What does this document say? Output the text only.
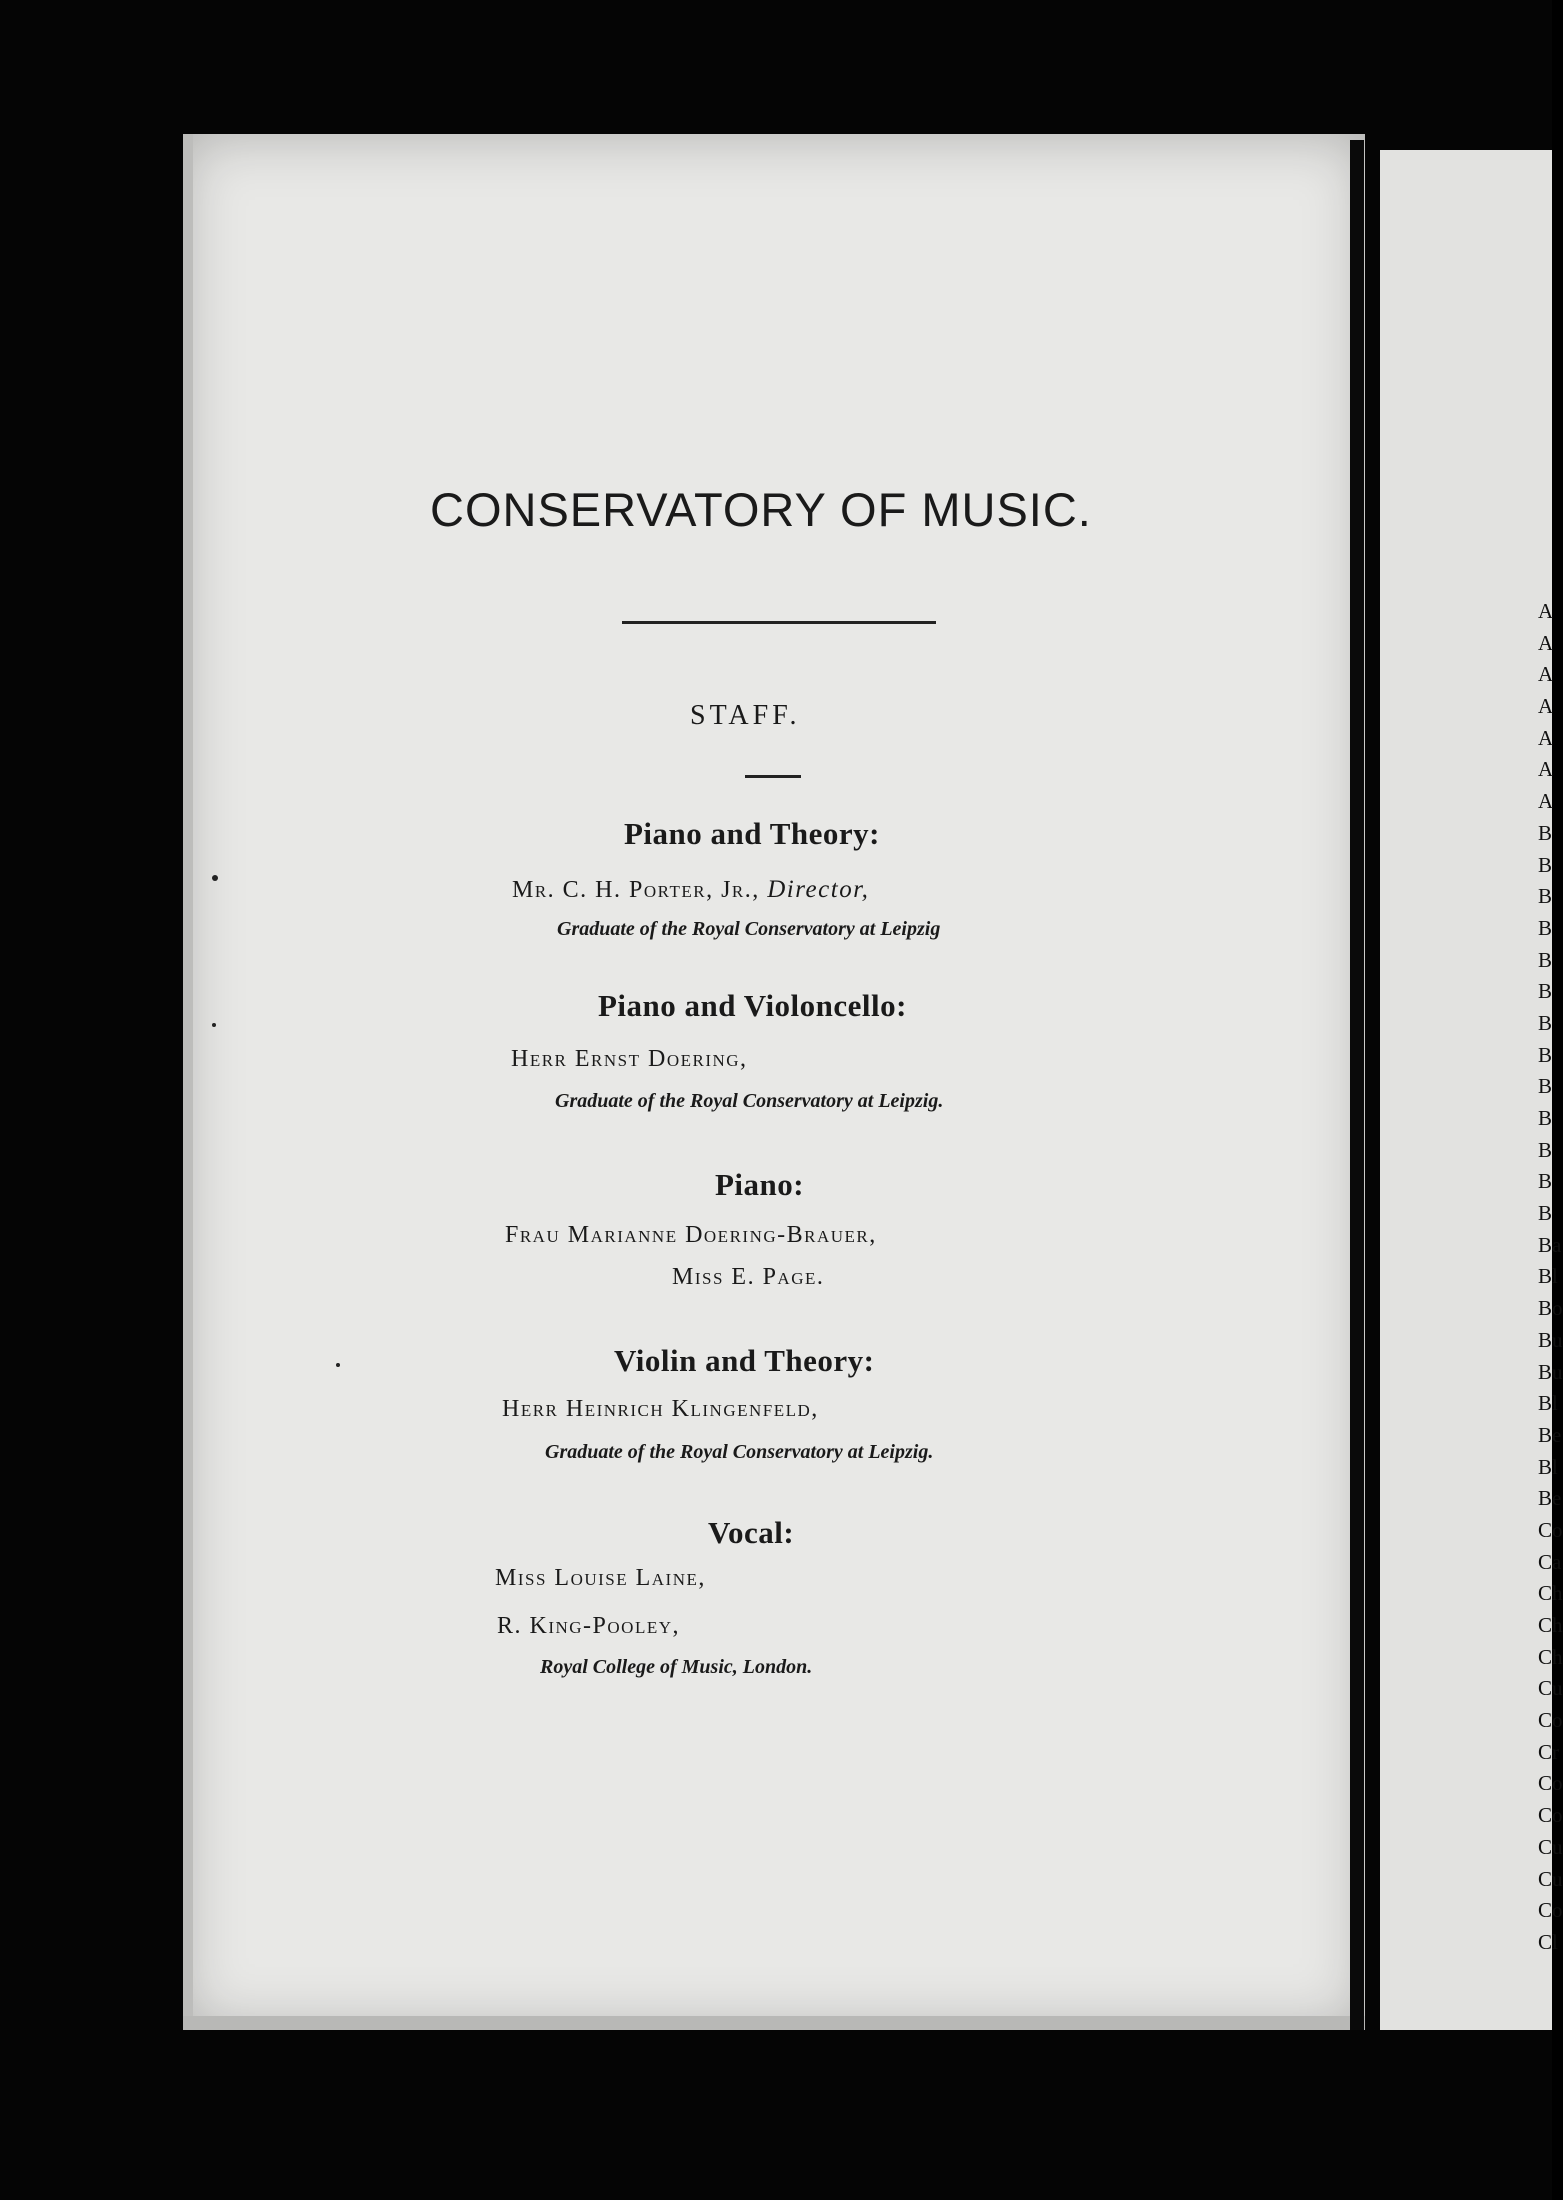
A
A
A
A
A
A
A
B
B
B
B
B
B
B
B
B
B
B
B
B
Ba
Bl
Bo
Bu
Bu
Bl
Be
Bl
Be
Co
Ca
Ch
Ch
Ch
Cu
Co
Cr
Co
Co
Cu
Cu
Co
Cl
CONSERVATORY OF MUSIC.
STAFF.
Piano and Theory:
Mr. C. H. Porter, Jr., Director,
Graduate of the Royal Conservatory at Leipzig
Piano and Violoncello:
Herr Ernst Doering,
Graduate of the Royal Conservatory at Leipzig.
Piano:
Frau Marianne Doering-Brauer,
Miss E. Page.
Violin and Theory:
Herr Heinrich Klingenfeld,
Graduate of the Royal Conservatory at Leipzig.
Vocal:
Miss Louise Laine,
R. King-Pooley,
Royal College of Music, London.
